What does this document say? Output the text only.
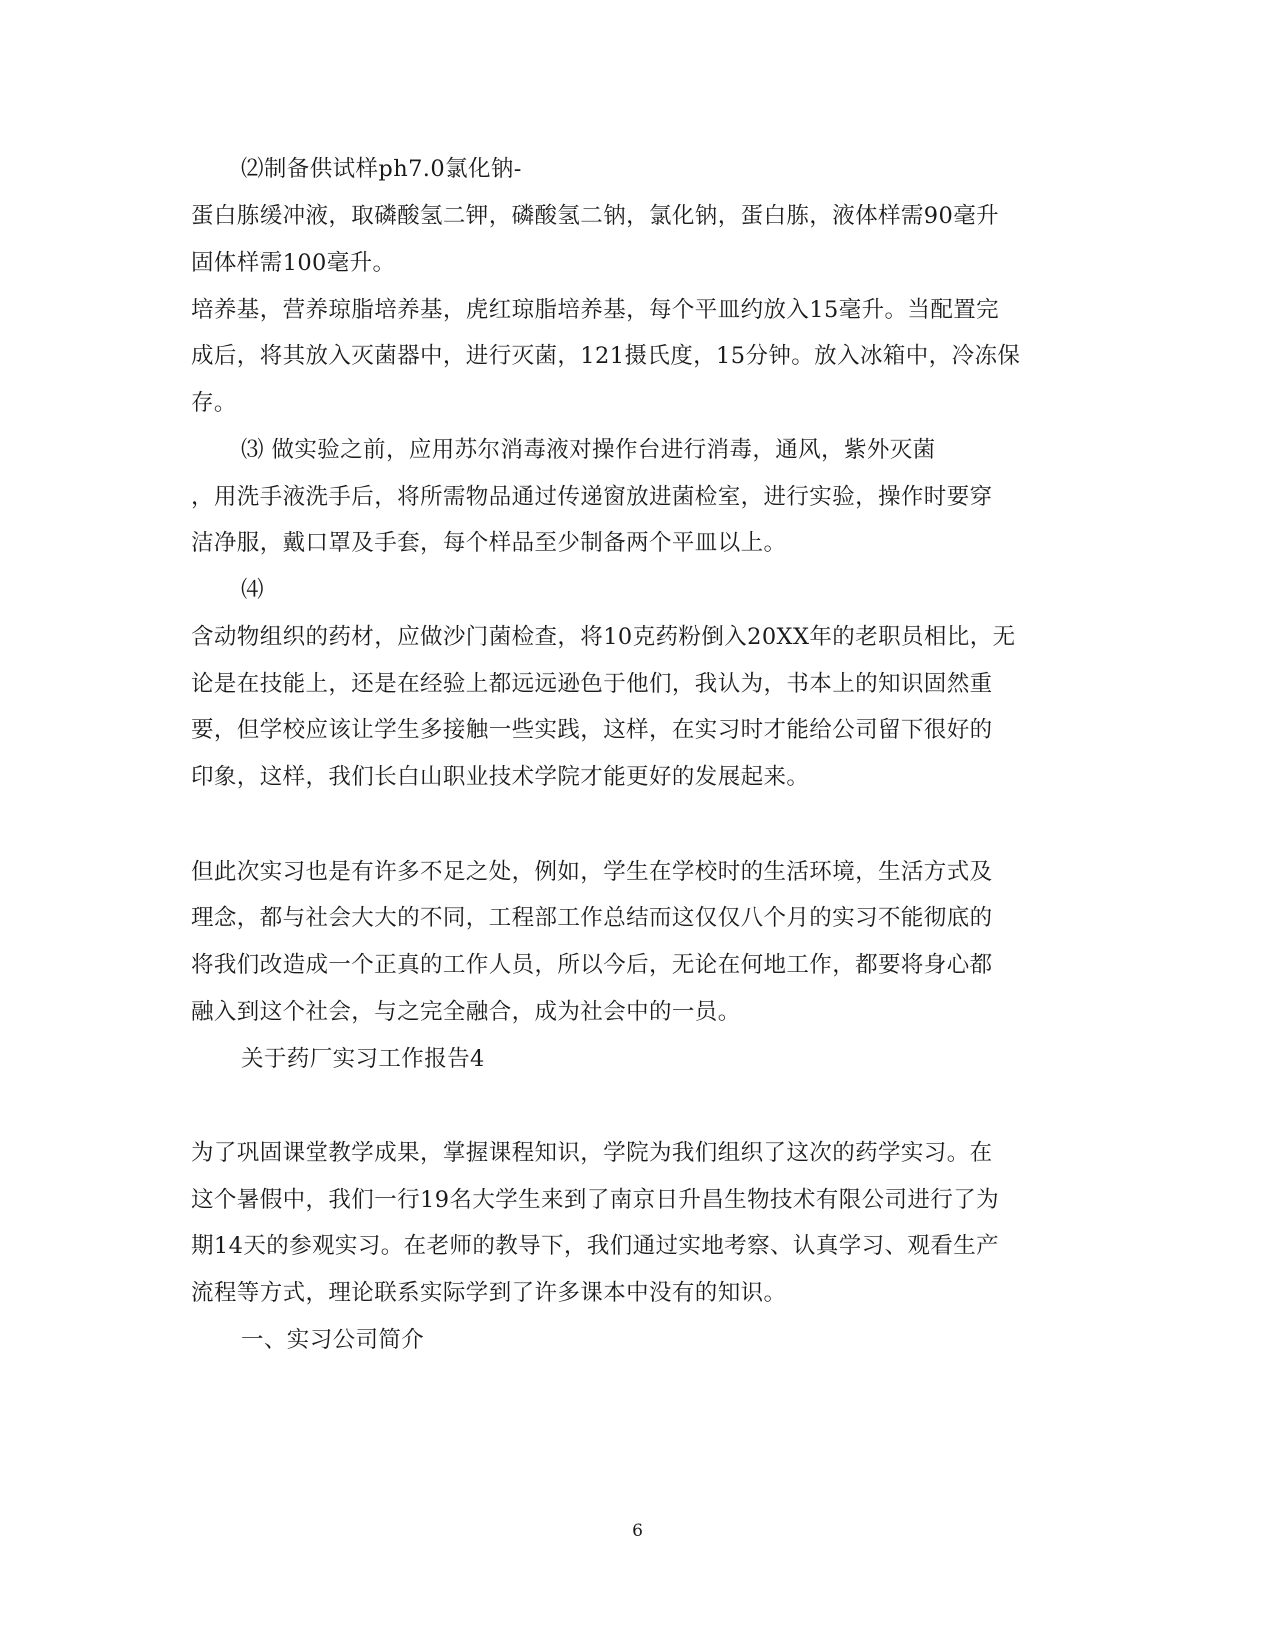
⑵制备供试样ph7.0氯化钠-
蛋白胨缓冲液，取磷酸氢二钾，磷酸氢二钠，氯化钠，蛋白胨，液体样需90毫升
固体样需100毫升。
培养基，营养琼脂培养基，虎红琼脂培养基，每个平皿约放入15毫升。当配置完
成后，将其放入灭菌器中，进行灭菌，121摄氏度，15分钟。放入冰箱中，冷冻保
存。
⑶ 做实验之前，应用苏尔消毒液对操作台进行消毒，通风，紫外灭菌
，用洗手液洗手后，将所需物品通过传递窗放进菌检室，进行实验，操作时要穿
洁净服，戴口罩及手套，每个样品至少制备两个平皿以上。
⑷
含动物组织的药材，应做沙门菌检查，将10克药粉倒入20XX年的老职员相比，无
论是在技能上，还是在经验上都远远逊色于他们，我认为，书本上的知识固然重
要，但学校应该让学生多接触一些实践，这样，在实习时才能给公司留下很好的
印象，这样，我们长白山职业技术学院才能更好的发展起来。
但此次实习也是有许多不足之处，例如，学生在学校时的生活环境，生活方式及
理念，都与社会大大的不同，工程部工作总结而这仅仅八个月的实习不能彻底的
将我们改造成一个正真的工作人员，所以今后，无论在何地工作，都要将身心都
融入到这个社会，与之完全融合，成为社会中的一员。
关于药厂实习工作报告4
为了巩固课堂教学成果，掌握课程知识，学院为我们组织了这次的药学实习。在
这个暑假中，我们一行19名大学生来到了南京日升昌生物技术有限公司进行了为
期14天的参观实习。在老师的教导下，我们通过实地考察、认真学习、观看生产
流程等方式，理论联系实际学到了许多课本中没有的知识。
一、实习公司简介
6
